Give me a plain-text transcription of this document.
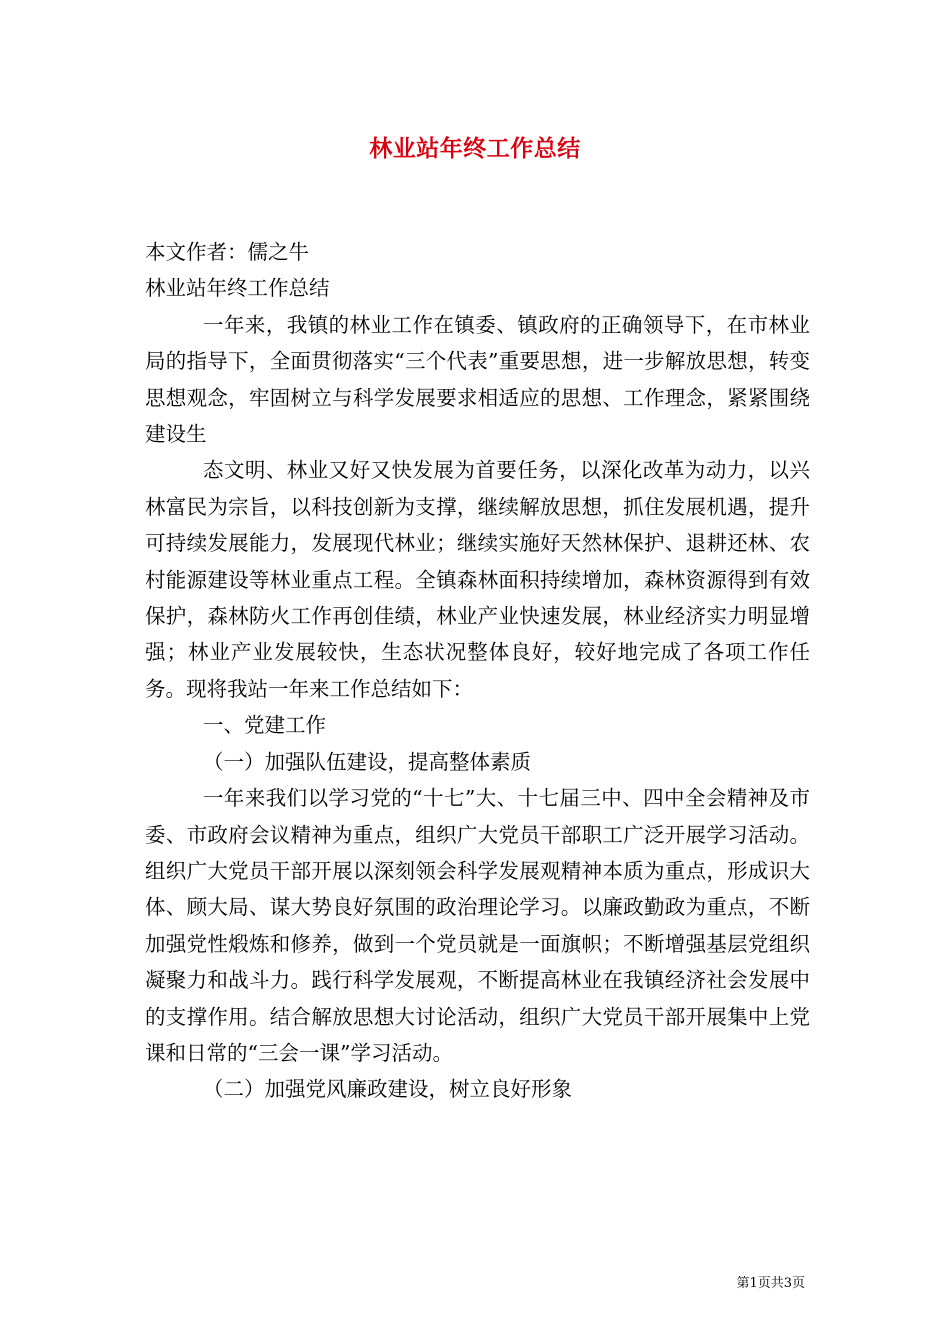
林业站年终工作总结

本文作者：儒之牛

林业站年终工作总结

一年来，我镇的林业工作在镇委、镇政府的正确领导下，在市林业局的指导下，全面贯彻落实“三个代表”重要思想，进一步解放思想，转变思想观念，牢固树立与科学发展要求相适应的思想、工作理念，紧紧围绕建设生

态文明、林业又好又快发展为首要任务，以深化改革为动力，以兴林富民为宗旨，以科技创新为支撑，继续解放思想，抓住发展机遇，提升可持续发展能力，发展现代林业；继续实施好天然林保护、退耕还林、农村能源建设等林业重点工程。全镇森林面积持续增加，森林资源得到有效保护，森林防火工作再创佳绩，林业产业快速发展，林业经济实力明显增强；林业产业发展较快，生态状况整体良好，较好地完成了各项工作任务。现将我站一年来工作总结如下：

一、党建工作

（一）加强队伍建设，提高整体素质

一年来我们以学习党的“十七”大、十七届三中、四中全会精神及市委、市政府会议精神为重点，组织广大党员干部职工广泛开展学习活动。组织广大党员干部开展以深刻领会科学发展观精神本质为重点，形成识大体、顾大局、谋大势良好氛围的政治理论学习。以廉政勤政为重点，不断加强党性煅炼和修养，做到一个党员就是一面旗帜；不断增强基层党组织凝聚力和战斗力。践行科学发展观，不断提高林业在我镇经济社会发展中的支撑作用。结合解放思想大讨论活动，组织广大党员干部开展集中上党课和日常的“三会一课”学习活动。

（二）加强党风廉政建设，树立良好形象

第1页共3页
